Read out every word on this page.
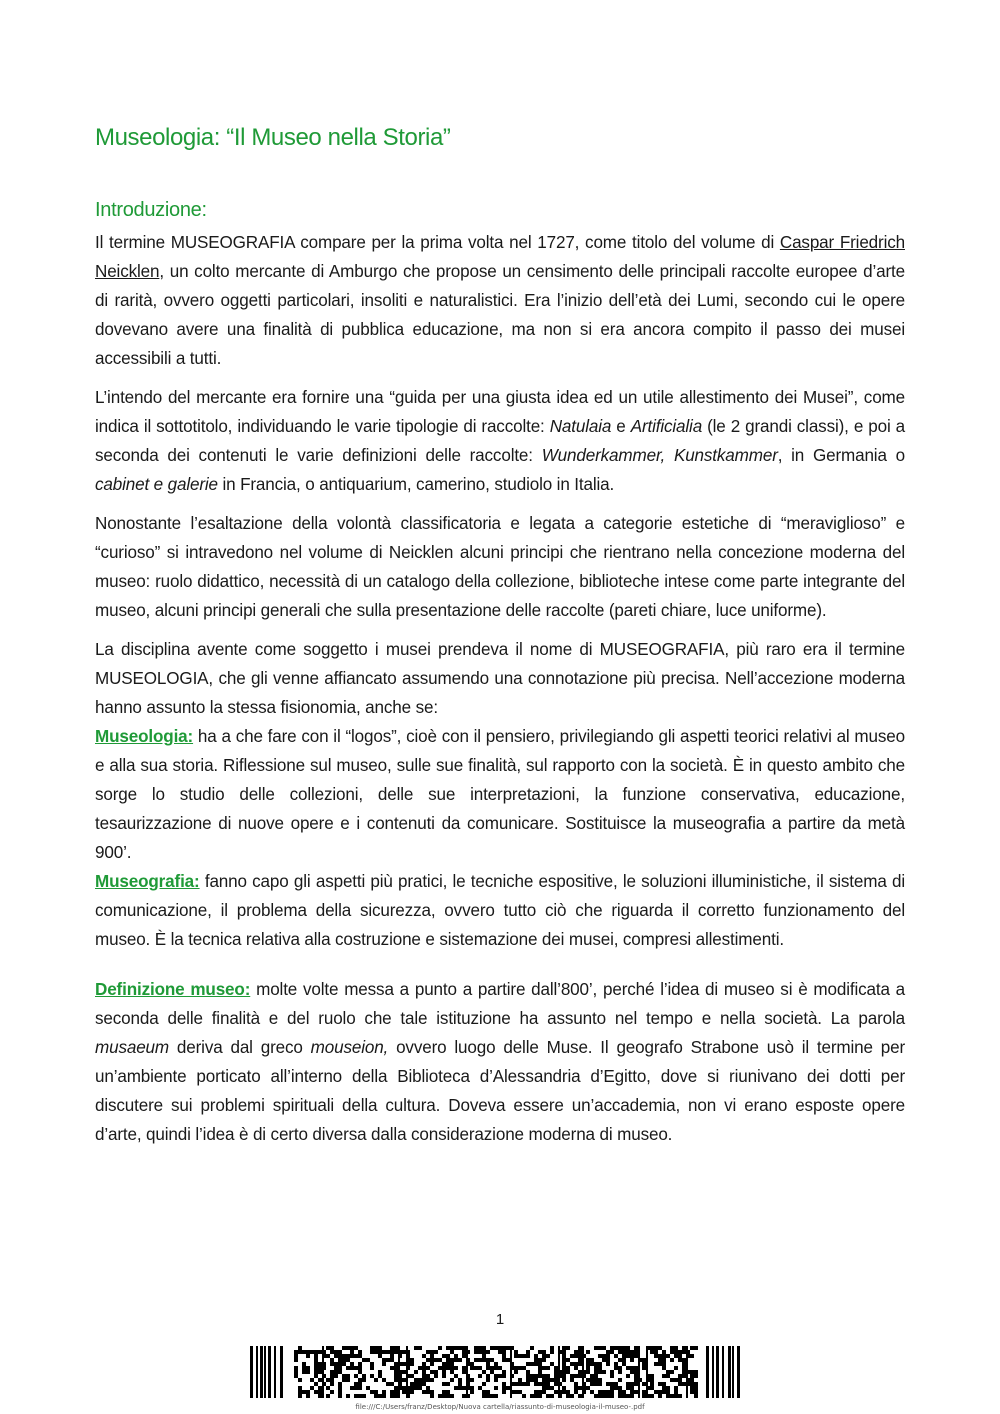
Museologia: “Il Museo nella Storia”
Introduzione:

Il termine MUSEOGRAFIA compare per la prima volta nel 1727, come titolo del volume di Caspar Friedrich Neicklen, un colto mercante di Amburgo che propose un censimento delle principali raccolte europee d’arte di rarità, ovvero oggetti particolari, insoliti e naturalistici. Era l’inizio dell’età dei Lumi, secondo cui le opere dovevano avere una finalità di pubblica educazione, ma non si era ancora compito il passo dei musei accessibili a tutti.

L’intendo del mercante era fornire una “guida per una giusta idea ed un utile allestimento dei Musei”, come indica il sottotitolo, individuando le varie tipologie di raccolte: Natulaia e Artificialia (le 2 grandi classi), e poi a seconda dei contenuti le varie definizioni delle raccolte: Wunderkammer, Kunstkammer, in Germania o cabinet e galerie in Francia, o antiquarium, camerino, studiolo in Italia.

Nonostante l’esaltazione della volontà classificatoria e legata a categorie estetiche di “meraviglioso” e “curioso” si intravedono nel volume di Neicklen alcuni principi che rientrano nella concezione moderna del museo: ruolo didattico, necessità di un catalogo della collezione, biblioteche intese come parte integrante del museo, alcuni principi generali che sulla presentazione delle raccolte (pareti chiare, luce uniforme).

La disciplina avente come soggetto i musei prendeva il nome di MUSEOGRAFIA, più raro era il termine MUSEOLOGIA, che gli venne affiancato assumendo una connotazione più precisa. Nell’accezione moderna hanno assunto la stessa fisionomia, anche se:

Museologia: ha a che fare con il “logos”, cioè con il pensiero, privilegiando gli aspetti teorici relativi al museo e alla sua storia. Riflessione sul museo, sulle sue finalità, sul rapporto con la società. È in questo ambito che sorge lo studio delle collezioni, delle sue interpretazioni, la funzione conservativa, educazione, tesaurizzazione di nuove opere e i contenuti da comunicare. Sostituisce la museografia a partire da metà 900’.

Museografia: fanno capo gli aspetti più pratici, le tecniche espositive, le soluzioni illuministiche, il sistema di comunicazione, il problema della sicurezza, ovvero tutto ciò che riguarda il corretto funzionamento del museo. È la tecnica relativa alla costruzione e sistemazione dei musei, compresi allestimenti.

Definizione museo: molte volte messa a punto a partire dall’800’, perché l’idea di museo si è modificata a seconda delle finalità e del ruolo che tale istituzione ha assunto nel tempo e nella società. La parola musaeum deriva dal greco mouseion, ovvero luogo delle Muse. Il geografo Strabone usò il termine per un’ambiente porticato all’interno della Biblioteca d’Alessandria d’Egitto, dove si riunivano dei dotti per discutere sui problemi spirituali della cultura. Doveva essere un’accademia, non vi erano esposte opere d’arte, quindi l’idea è di certo diversa dalla considerazione moderna di museo.

1
file:///C:/Users/franz/Desktop/Nuova cartella/riassunto-di-museologia-il-museo-.pdf
